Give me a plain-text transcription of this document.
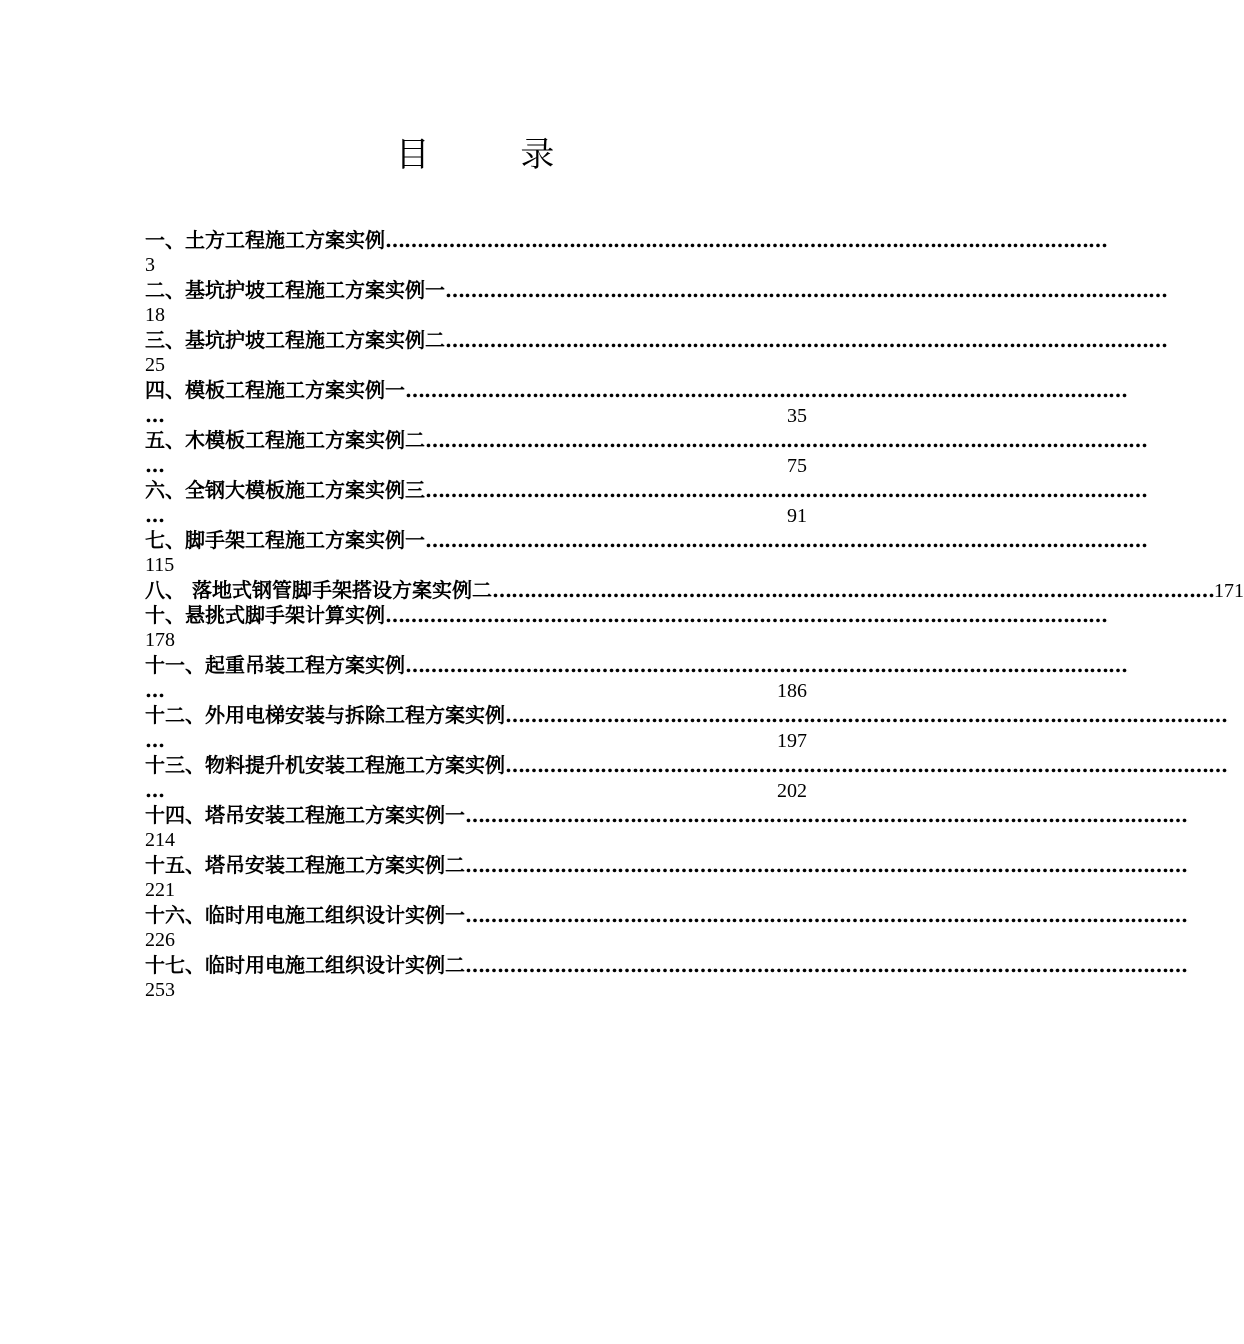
目 录
一、土方工程施工方案实例 ……………………………………………………………………………………………………
3
二、基坑护坡工程施工方案实例一 ……………………………………………………………………………………………………
18
三、基坑护坡工程施工方案实例二 ……………………………………………………………………………………………………
25
四、模板工程施工方案实例一 ……………………………………………………………………………………………………
…	35
五、木模板工程施工方案实例二 ……………………………………………………………………………………………………
…	75
六、全钢大模板施工方案实例三 ……………………………………………………………………………………………………
…	91
七、脚手架工程施工方案实例一 ……………………………………………………………………………………………………
115
八、 落地式钢管脚手架搭设方案实例二 …………………………………………………………………………………………………… 171
十、悬挑式脚手架计算实例 ……………………………………………………………………………………………………
178
十一、起重吊装工程方案实例 ……………………………………………………………………………………………………
…	186
十二、外用电梯安装与拆除工程方案实例 ……………………………………………………………………………………………………
…	197
十三、物料提升机安装工程施工方案实例 ……………………………………………………………………………………………………
…	202
十四、塔吊安装工程施工方案实例一 ……………………………………………………………………………………………………
214
十五、塔吊安装工程施工方案实例二 ……………………………………………………………………………………………………
221
十六、临时用电施工组织设计实例一 ……………………………………………………………………………………………………
226
十七、临时用电施工组织设计实例二 ……………………………………………………………………………………………………
253
